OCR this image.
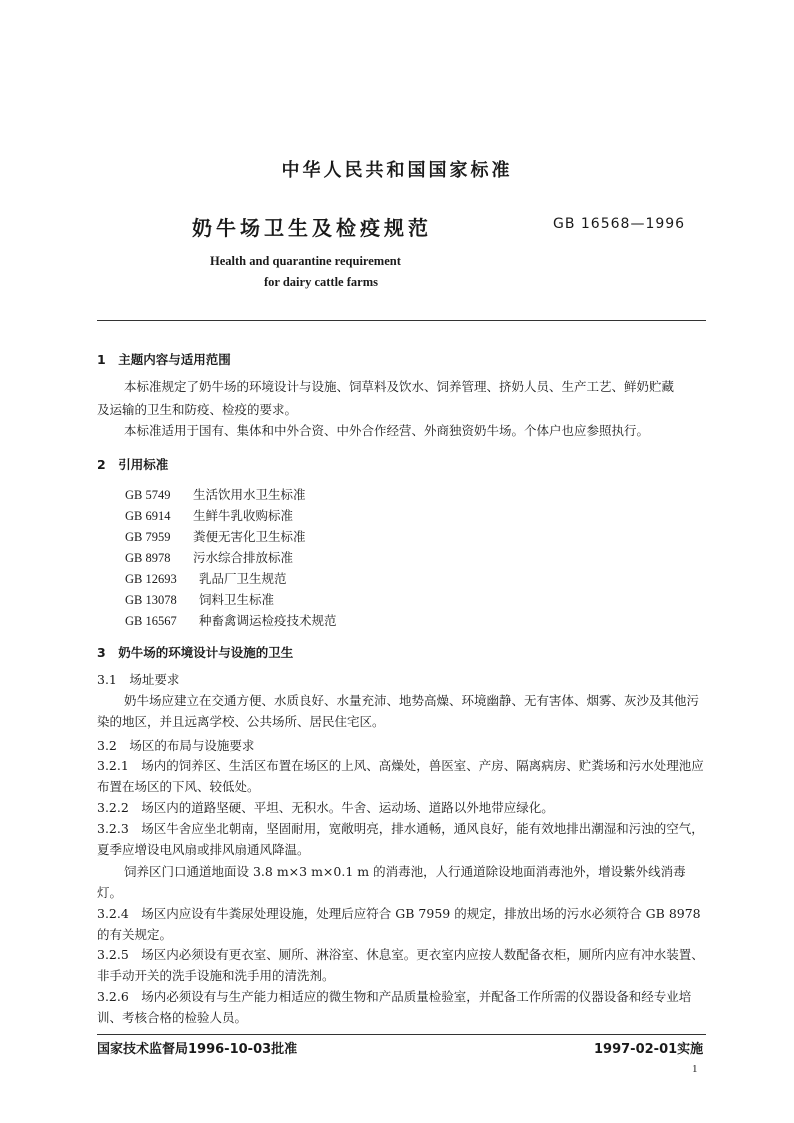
中华人民共和国国家标准
奶牛场卫生及检疫规范	GB 16568—1996
Health and quarantine requirement
for dairy cattle farms
1　主题内容与适用范围
本标准规定了奶牛场的环境设计与设施、饲草料及饮水、饲养管理、挤奶人员、生产工艺、鲜奶贮藏
及运输的卫生和防疫、检疫的要求。
本标准适用于国有、集体和中外合资、中外合作经营、外商独资奶牛场。个体户也应参照执行。
2　引用标准
GB 5749 生活饮用水卫生标准
GB 6914 生鲜牛乳收购标准
GB 7959 粪便无害化卫生标准
GB 8978 污水综合排放标准
GB 12693 乳品厂卫生规范
GB 13078 饲料卫生标准
GB 16567 种畜禽调运检疫技术规范
3　奶牛场的环境设计与设施的卫生
3.1　场址要求
奶牛场应建立在交通方便、水质良好、水量充沛、地势高燥、环境幽静、无有害体、烟雾、灰沙及其他污染的地区，并且远离学校、公共场所、居民住宅区。
3.2　场区的布局与设施要求
3.2.1　场内的饲养区、生活区布置在场区的上风、高燥处，兽医室、产房、隔离病房、贮粪场和污水处理池应布置在场区的下风、较低处。
3.2.2　场区内的道路坚硬、平坦、无积水。牛舍、运动场、道路以外地带应绿化。
3.2.3　场区牛舍应坐北朝南，坚固耐用，宽敞明亮，排水通畅，通风良好，能有效地排出潮湿和污浊的空气，夏季应增设电风扇或排风扇通风降温。
饲养区门口通道地面设 3.8 m×3 m×0.1 m 的消毒池，人行通道除设地面消毒池外，增设紫外线消毒灯。
3.2.4　场区内应设有牛粪尿处理设施，处理后应符合 GB 7959 的规定，排放出场的污水必须符合 GB 8978的有关规定。
3.2.5　场区内必须设有更衣室、厕所、淋浴室、休息室。更衣室内应按人数配备衣柜，厕所内应有冲水装置、非手动开关的洗手设施和洗手用的清洗剂。
3.2.6　场内必须设有与生产能力相适应的微生物和产品质量检验室，并配备工作所需的仪器设备和经专业培训、考核合格的检验人员。
国家技术监督局1996-10-03批准	1997-02-01实施
1
